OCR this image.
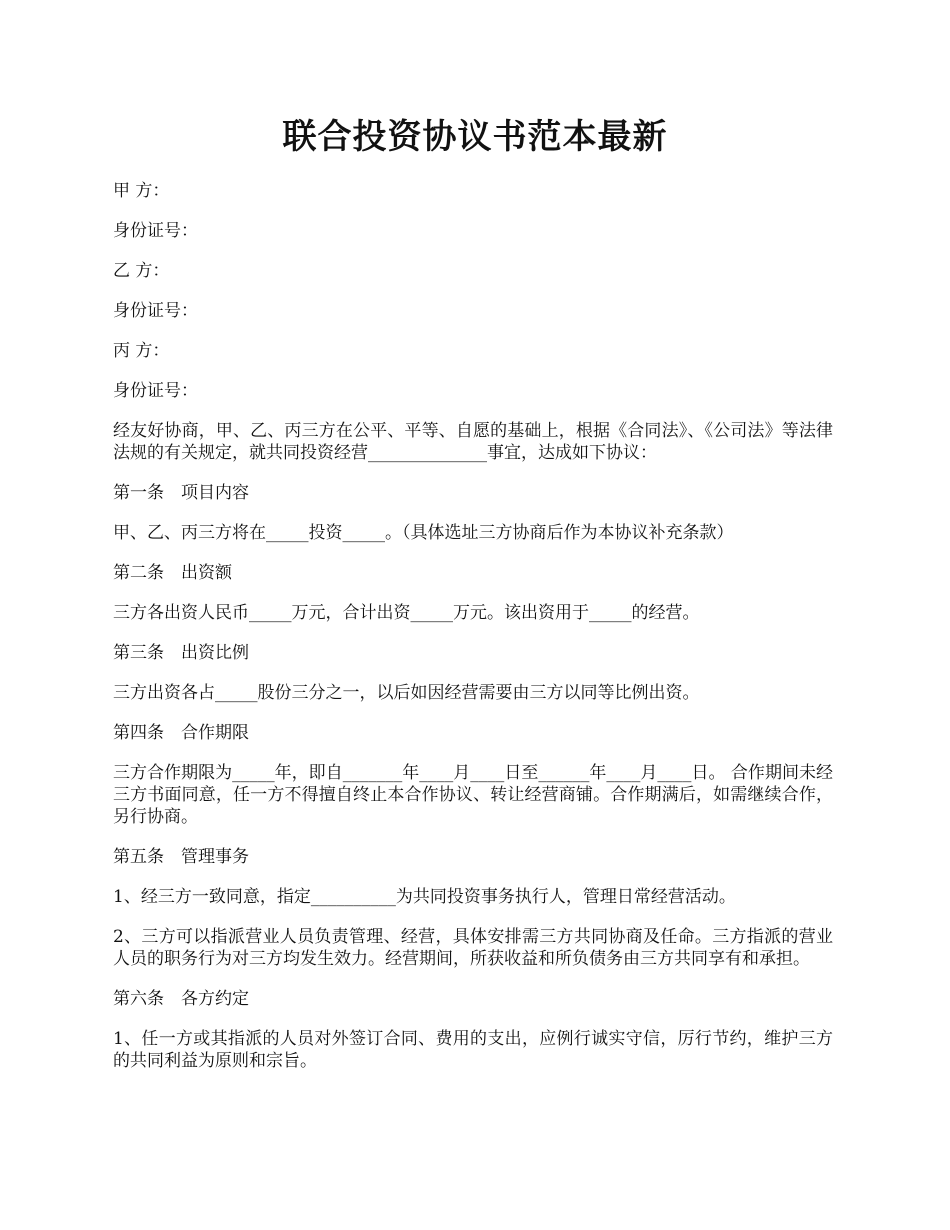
联合投资协议书范本最新

甲 方：

身份证号：

乙 方：

身份证号：

丙 方：

身份证号：

经友好协商，甲、乙、丙三方在公平、平等、自愿的基础上，根据《合同法》、《公司法》等法律法规的有关规定，就共同投资经营______________事宜，达成如下协议：

第一条　项目内容

甲、乙、丙三方将在_____投资_____。（具体选址三方协商后作为本协议补充条款）

第二条　出资额

三方各出资人民币_____万元，合计出资_____万元。该出资用于_____的经营。

第三条　出资比例

三方出资各占_____股份三分之一，以后如因经营需要由三方以同等比例出资。

第四条　合作期限

三方合作期限为_____年，即自_______年____月____日至______年____月____日。 合作期间未经三方书面同意，任一方不得擅自终止本合作协议、转让经营商铺。合作期满后，如需继续合作，另行协商。

第五条　管理事务

1、经三方一致同意，指定__________为共同投资事务执行人，管理日常经营活动。

2、三方可以指派营业人员负责管理、经营，具体安排需三方共同协商及任命。三方指派的营业人员的职务行为对三方均发生效力。经营期间，所获收益和所负债务由三方共同享有和承担。

第六条　各方约定

1、任一方或其指派的人员对外签订合同、费用的支出，应例行诚实守信，厉行节约，维护三方的共同利益为原则和宗旨。
